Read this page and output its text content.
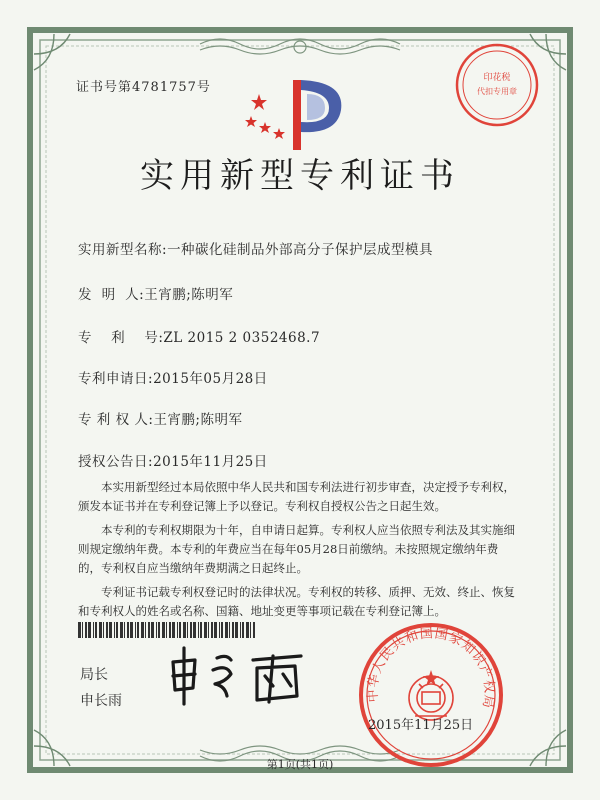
证书号第4781757号
印花税
代扣专用章
实用新型专利证书
实用新型名称:一种碳化硅制品外部高分子保护层成型模具
发  明  人:王宵鹏;陈明军
专    利    号:ZL 2015 2 0352468.7
专利申请日:2015年05月28日
专 利 权 人:王宵鹏;陈明军
授权公告日:2015年11月25日

本实用新型经过本局依照中华人民共和国专利法进行初步审查，决定授予专利权，颁发本证书并在专利登记簿上予以登记。专利权自授权公告之日起生效。

本专利的专利权期限为十年，自申请日起算。专利权人应当依照专利法及其实施细则规定缴纳年费。本专利的年费应当在每年05月28日前缴纳。未按照规定缴纳年费的，专利权自应当缴纳年费期满之日起终止。

专利证书记载专利权登记时的法律状况。专利权的转移、质押、无效、终止、恢复和专利权人的姓名或名称、国籍、地址变更等事项记载在专利登记簿上。

局长
申长雨	中华人民共和国国家知识产权局
2015年11月25日
第1页(共1页)
